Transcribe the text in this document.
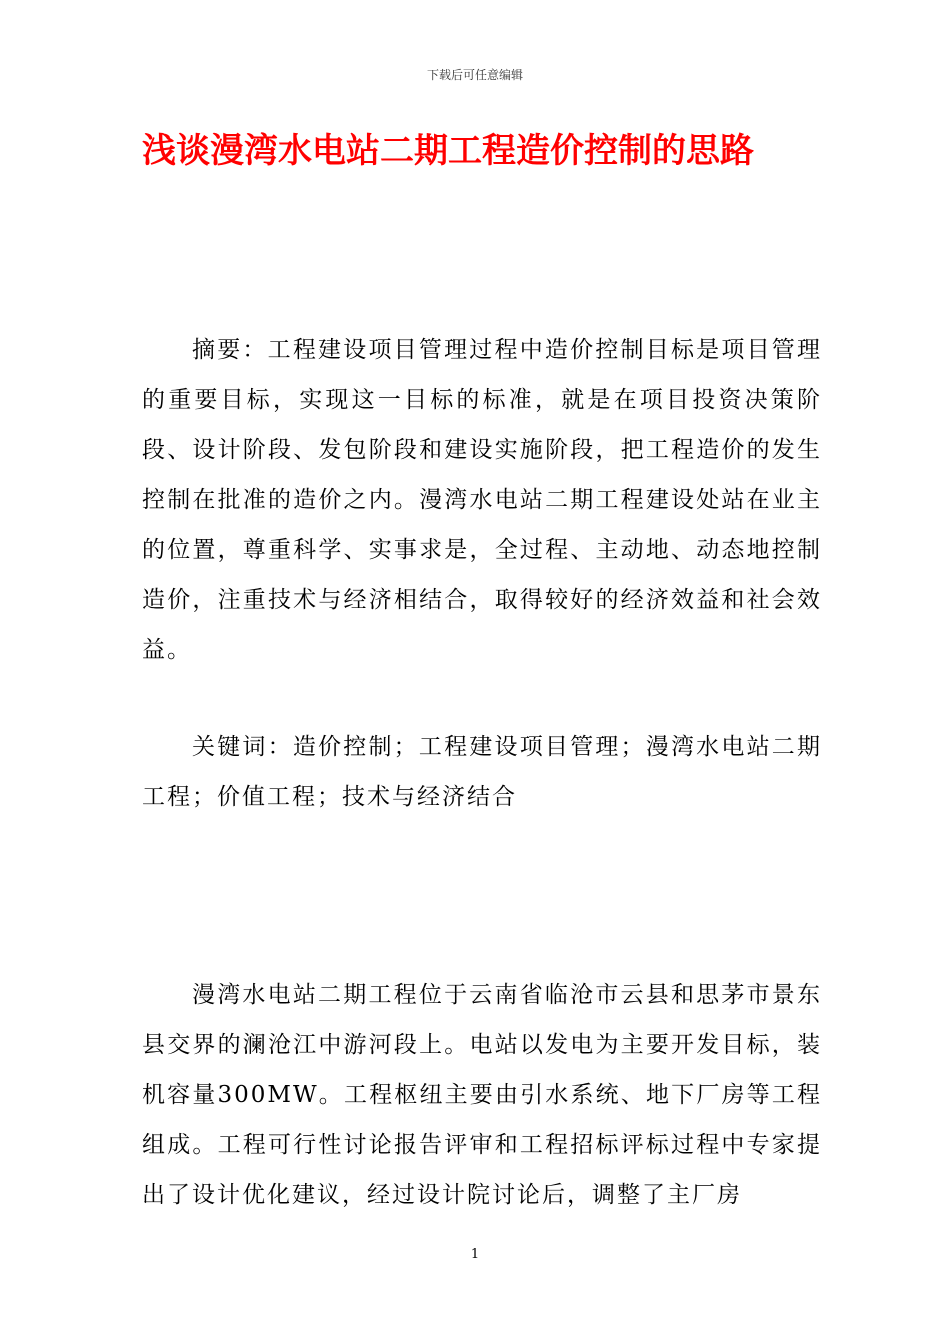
下载后可任意编辑
浅谈漫湾水电站二期工程造价控制的思路

摘要：工程建设项目管理过程中造价控制目标是项目管理的重要目标，实现这一目标的标准，就是在项目投资决策阶段、设计阶段、发包阶段和建设实施阶段，把工程造价的发生控制在批准的造价之内。漫湾水电站二期工程建设处站在业主的位置，尊重科学、实事求是，全过程、主动地、动态地控制造价，注重技术与经济相结合，取得较好的经济效益和社会效益。

关键词：造价控制；工程建设项目管理；漫湾水电站二期工程；价值工程；技术与经济结合

漫湾水电站二期工程位于云南省临沧市云县和思茅市景东县交界的澜沧江中游河段上。电站以发电为主要开发目标，装机容量300MW。工程枢纽主要由引水系统、地下厂房等工程组成。工程可行性讨论报告评审和工程招标评标过程中专家提出了设计优化建议，经过设计院讨论后，调整了主厂房

1
